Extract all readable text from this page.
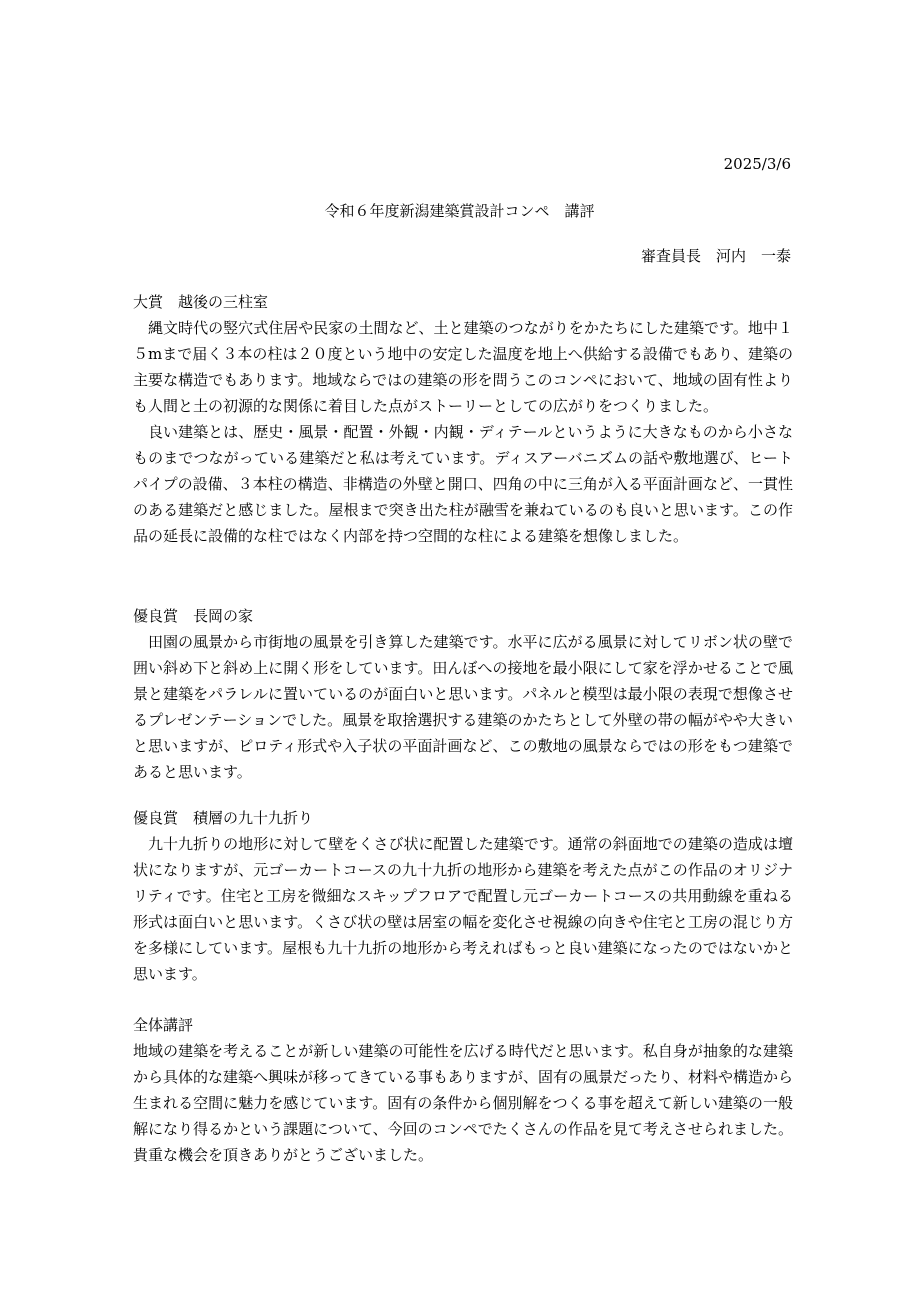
2025/3/6
令和６年度新潟建築賞設計コンペ　講評
審査員長　河内　一泰

大賞　越後の三柱室

縄文時代の竪穴式住居や民家の土間など、土と建築のつながりをかたちにした建築です。地中１５mまで届く３本の柱は２０度という地中の安定した温度を地上へ供給する設備でもあり、建築の主要な構造でもあります。地域ならではの建築の形を問うこのコンペにおいて、地域の固有性よりも人間と土の初源的な関係に着目した点がストーリーとしての広がりをつくりました。

良い建築とは、歴史・風景・配置・外観・内観・ディテールというように大きなものから小さなものまでつながっている建築だと私は考えています。ディスアーバニズムの話や敷地選び、ヒートパイプの設備、３本柱の構造、非構造の外壁と開口、四角の中に三角が入る平面計画など、一貫性のある建築だと感じました。屋根まで突き出た柱が融雪を兼ねているのも良いと思います。この作品の延長に設備的な柱ではなく内部を持つ空間的な柱による建築を想像しました。

優良賞　長岡の家

田園の風景から市街地の風景を引き算した建築です。水平に広がる風景に対してリボン状の壁で囲い斜め下と斜め上に開く形をしています。田んぼへの接地を最小限にして家を浮かせることで風景と建築をパラレルに置いているのが面白いと思います。パネルと模型は最小限の表現で想像させるプレゼンテーションでした。風景を取捨選択する建築のかたちとして外壁の帯の幅がやや大きいと思いますが、ピロティ形式や入子状の平面計画など、この敷地の風景ならではの形をもつ建築であると思います。

優良賞　積層の九十九折り

九十九折りの地形に対して壁をくさび状に配置した建築です。通常の斜面地での建築の造成は壇状になりますが、元ゴーカートコースの九十九折の地形から建築を考えた点がこの作品のオリジナリティです。住宅と工房を微細なスキップフロアで配置し元ゴーカートコースの共用動線を重ねる形式は面白いと思います。くさび状の壁は居室の幅を変化させ視線の向きや住宅と工房の混じり方を多様にしています。屋根も九十九折の地形から考えればもっと良い建築になったのではないかと思います。

全体講評

地域の建築を考えることが新しい建築の可能性を広げる時代だと思います。私自身が抽象的な建築から具体的な建築へ興味が移ってきている事もありますが、固有の風景だったり、材料や構造から生まれる空間に魅力を感じています。固有の条件から個別解をつくる事を超えて新しい建築の一般解になり得るかという課題について、今回のコンペでたくさんの作品を見て考えさせられました。貴重な機会を頂きありがとうございました。
